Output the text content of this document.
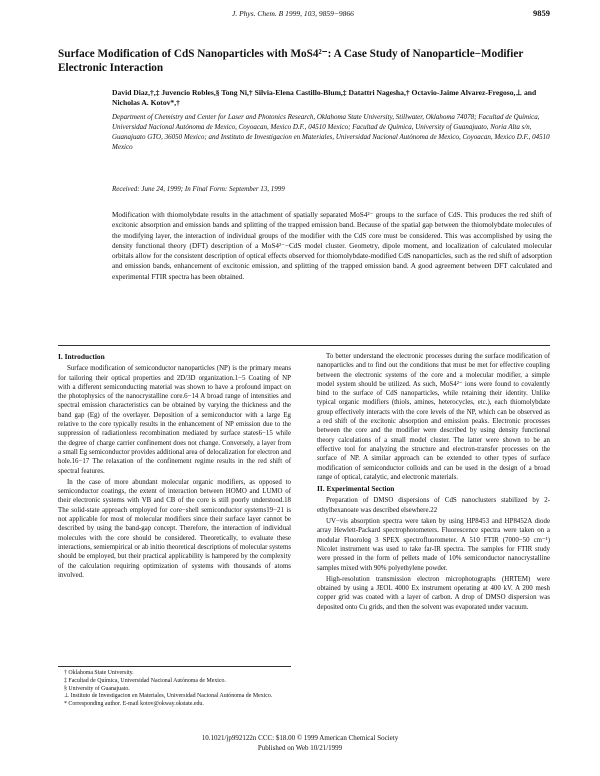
J. Phys. Chem. B 1999, 103, 9859−9866	9859
Surface Modification of CdS Nanoparticles with MoS4²⁻: A Case Study of Nanoparticle−Modifier Electronic Interaction
David Diaz,†,‡ Juvencio Robles,§ Tong Ni,† Silvia-Elena Castillo-Blum,‡ Datattri Nagesha,† Octavio-Jaime Alvarez-Fregoso,⊥ and Nicholas A. Kotov*,†
Department of Chemistry and Center for Laser and Photonics Research, Oklahoma State University, Stillwater, Oklahoma 74078; Facultad de Química, Universidad Nacional Autónoma de Mexico, Coyoacan, Mexico D.F., 04510 Mexico; Facultad de Química, University of Guanajuato, Noria Alta s/n, Guanajuato GTO, 36050 Mexico; and Instituto de Investigacion en Materiales, Universidad Nacional Autónoma de Mexico, Coyoacan, Mexico D.F., 04510 Mexico
Received: June 24, 1999; In Final Form: September 13, 1999
Modification with thiomolybdate results in the attachment of spatially separated MoS4²⁻ groups to the surface of CdS. This produces the red shift of excitonic absorption and emission bands and splitting of the trapped emission band. Because of the spatial gap between the thiomolybdate molecules of the modifying layer, the interaction of individual groups of the modifier with the CdS core must be considered. This was accomplished by using the density functional theory (DFT) description of a MoS4²⁻−CdS model cluster. Geometry, dipole moment, and localization of calculated molecular orbitals allow for the consistent description of optical effects observed for thiomolybdate-modified CdS nanoparticles, such as the red shift of adsorption and emission bands, enhancement of excitonic emission, and splitting of the trapped emission band. A good agreement between DFT calculated and experimental FTIR spectra has been obtained.
I. Introduction

Surface modification of semiconductor nanoparticles (NP) is the primary means for tailoring their optical properties and 2D/3D organization.1−5 Coating of NP with a different semiconducting material was shown to have a profound impact on the photophysics of the nanocrystalline core.6−14 A broad range of intensities and spectral emission characteristics can be obtained by varying the thickness and the band gap (Eg) of the overlayer. Deposition of a semiconductor with a large Eg relative to the core typically results in the enhancement of NP emission due to the suppression of radiationless recombination mediated by surface states6−15 while the degree of charge carrier confinement does not change. Conversely, a layer from a small Eg semiconductor provides additional area of delocalization for electron and hole.16−17 The relaxation of the confinement regime results in the red shift of spectral features.

In the case of more abundant molecular organic modifiers, as opposed to semiconductor coatings, the extent of interaction between HOMO and LUMO of their electronic systems with VB and CB of the core is still poorly understood.18 The solid-state approach employed for core−shell semiconductor systems19−21 is not applicable for most of molecular modifiers since their surface layer cannot be described by using the band-gap concept. Therefore, the interaction of individual molecules with the core should be considered. Theoretically, to evaluate these interactions, semiempirical or ab initio theoretical descriptions of molecular systems should be employed, but their practical applicability is hampered by the complexity of the calculation requiring optimization of systems with thousands of atoms involved.

† Oklahoma State University.
‡ Facultad de Química, Universidad Nacional Autónoma de Mexico.
§ University of Guanajuato.
⊥ Instituto de Investigacion en Materiales, Universidad Nacional Autónoma de Mexico.
* Corresponding author. E-mail kotov@okway.okstate.edu.

To better understand the electronic processes during the surface modification of nanoparticles and to find out the conditions that must be met for effective coupling between the electronic systems of the core and a molecular modifier, a simple model system should be utilized. As such, MoS4²⁻ ions were found to covalently bind to the surface of CdS nanoparticles, while retaining their identity. Unlike typical organic modifiers (thiols, amines, heterocycles, etc.), each thiomolybdate group effectively interacts with the core levels of the NP, which can be observed as a red shift of the excitonic absorption and emission peaks. Electronic processes between the core and the modifier were described by using density functional theory calculations of a small model cluster. The latter were shown to be an effective tool for analyzing the structure and electron-transfer processes on the surface of NP. A similar approach can be extended to other types of surface modification of semiconductor colloids and can be used in the design of a broad range of optical, catalytic, and electronic materials.

II. Experimental Section

Preparation of DMSO dispersions of CdS nanoclusters stabilized by 2-ethylhexanoate was described elsewhere.22

UV−vis absorption spectra were taken by using HP8453 and HP8452A diode array Hewlett-Packard spectrophotometers. Fluorescence spectra were taken on a modular Fluorolog 3 SPEX spectrofluorometer. A 510 FTIR (7000−50 cm⁻¹) Nicolet instrument was used to take far-IR spectra. The samples for FTIR study were pressed in the form of pellets made of 10% semiconductor nanocrystalline samples mixed with 90% polyethylene powder.

High-resolution transmission electron microphotographs (HRTEM) were obtained by using a JEOL 4000 Ex instrument operating at 400 kV. A 200 mesh copper grid was coated with a layer of carbon. A drop of DMSO dispersion was deposited onto Cu grids, and then the solvent was evaporated under vacuum.

10.1021/jp992122n CCC: $18.00 © 1999 American Chemical Society
Published on Web 10/21/1999
